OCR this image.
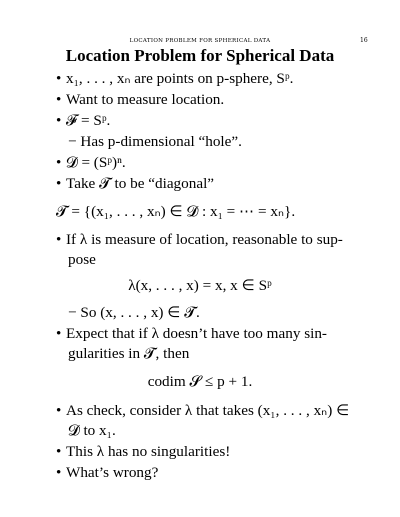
LOCATION PROBLEM FOR SPHERICAL DATA	16
Location Problem for Spherical Data
• x₁, . . . , xₙ are points on p-sphere, Sᵖ.
• Want to measure location.
• 𝓕 = Sᵖ.
− Has p-dimensional “hole”.
• 𝓓 = (Sᵖ)ⁿ.
• Take 𝓣 to be “diagonal”
𝓣 = {(x₁, . . . , xₙ) ∈ 𝓓 : x₁ = ⋯ = xₙ}.
• If λ is measure of location, reasonable to sup-
pose
λ(x, . . . , x) = x, x ∈ Sᵖ
− So (x, . . . , x) ∈ 𝓣.
• Expect that if λ doesn’t have too many sin-
gularities in 𝓣, then
codim 𝓢 ≤ p + 1.
• As check, consider λ that takes (x₁, . . . , xₙ) ∈
𝓓 to x₁.
• This λ has no singularities!
• What’s wrong?
